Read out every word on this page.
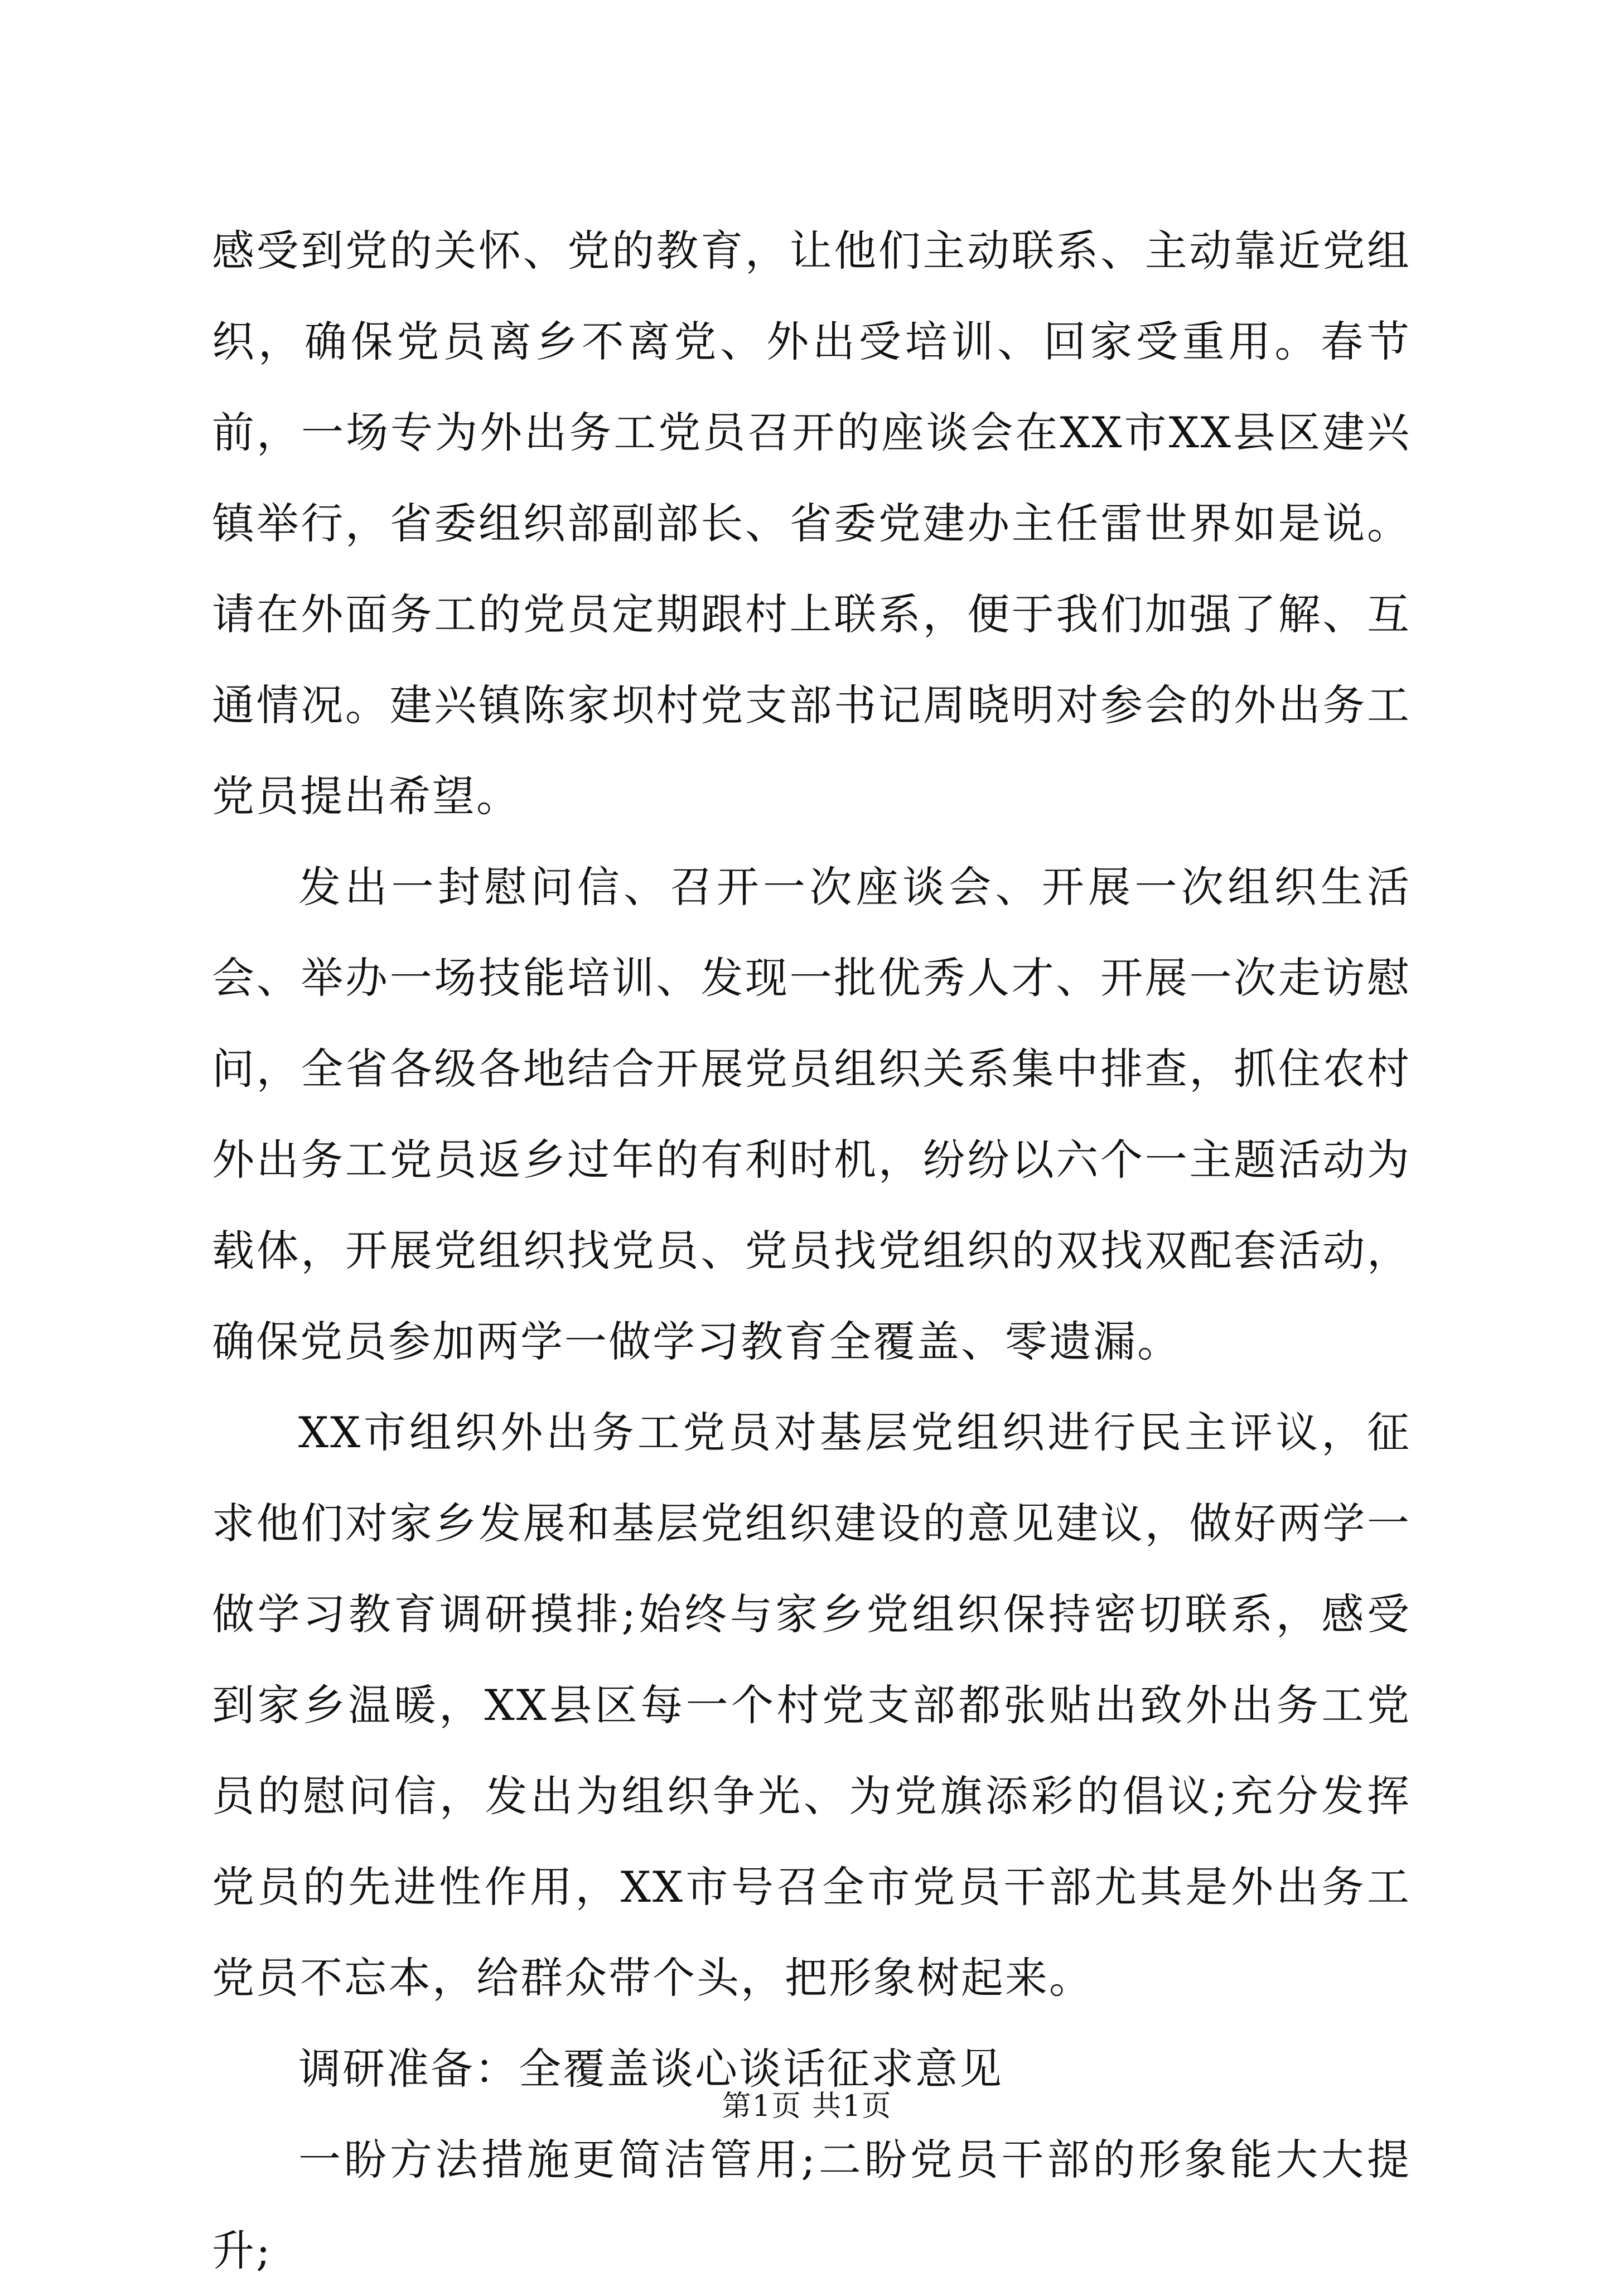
感受到党的关怀、党的教育，让他们主动联系、主动靠近党组织，确保党员离乡不离党、外出受培训、回家受重用。春节前，一场专为外出务工党员召开的座谈会在XX市XX县区建兴镇举行，省委组织部副部长、省委党建办主任雷世界如是说。请在外面务工的党员定期跟村上联系，便于我们加强了解、互通情况。建兴镇陈家坝村党支部书记周晓明对参会的外出务工党员提出希望。

发出一封慰问信、召开一次座谈会、开展一次组织生活会、举办一场技能培训、发现一批优秀人才、开展一次走访慰问，全省各级各地结合开展党员组织关系集中排查，抓住农村外出务工党员返乡过年的有利时机，纷纷以六个一主题活动为载体，开展党组织找党员、党员找党组织的双找双配套活动，确保党员参加两学一做学习教育全覆盖、零遗漏。

XX市组织外出务工党员对基层党组织进行民主评议，征求他们对家乡发展和基层党组织建设的意见建议，做好两学一做学习教育调研摸排;始终与家乡党组织保持密切联系，感受到家乡温暖，XX县区每一个村党支部都张贴出致外出务工党员的慰问信，发出为组织争光、为党旗添彩的倡议;充分发挥党员的先进性作用，XX市号召全市党员干部尤其是外出务工党员不忘本，给群众带个头，把形象树起来。

调研准备：全覆盖谈心谈话征求意见

一盼方法措施更简洁管用;二盼党员干部的形象能大大提升;

第1页 共1页
